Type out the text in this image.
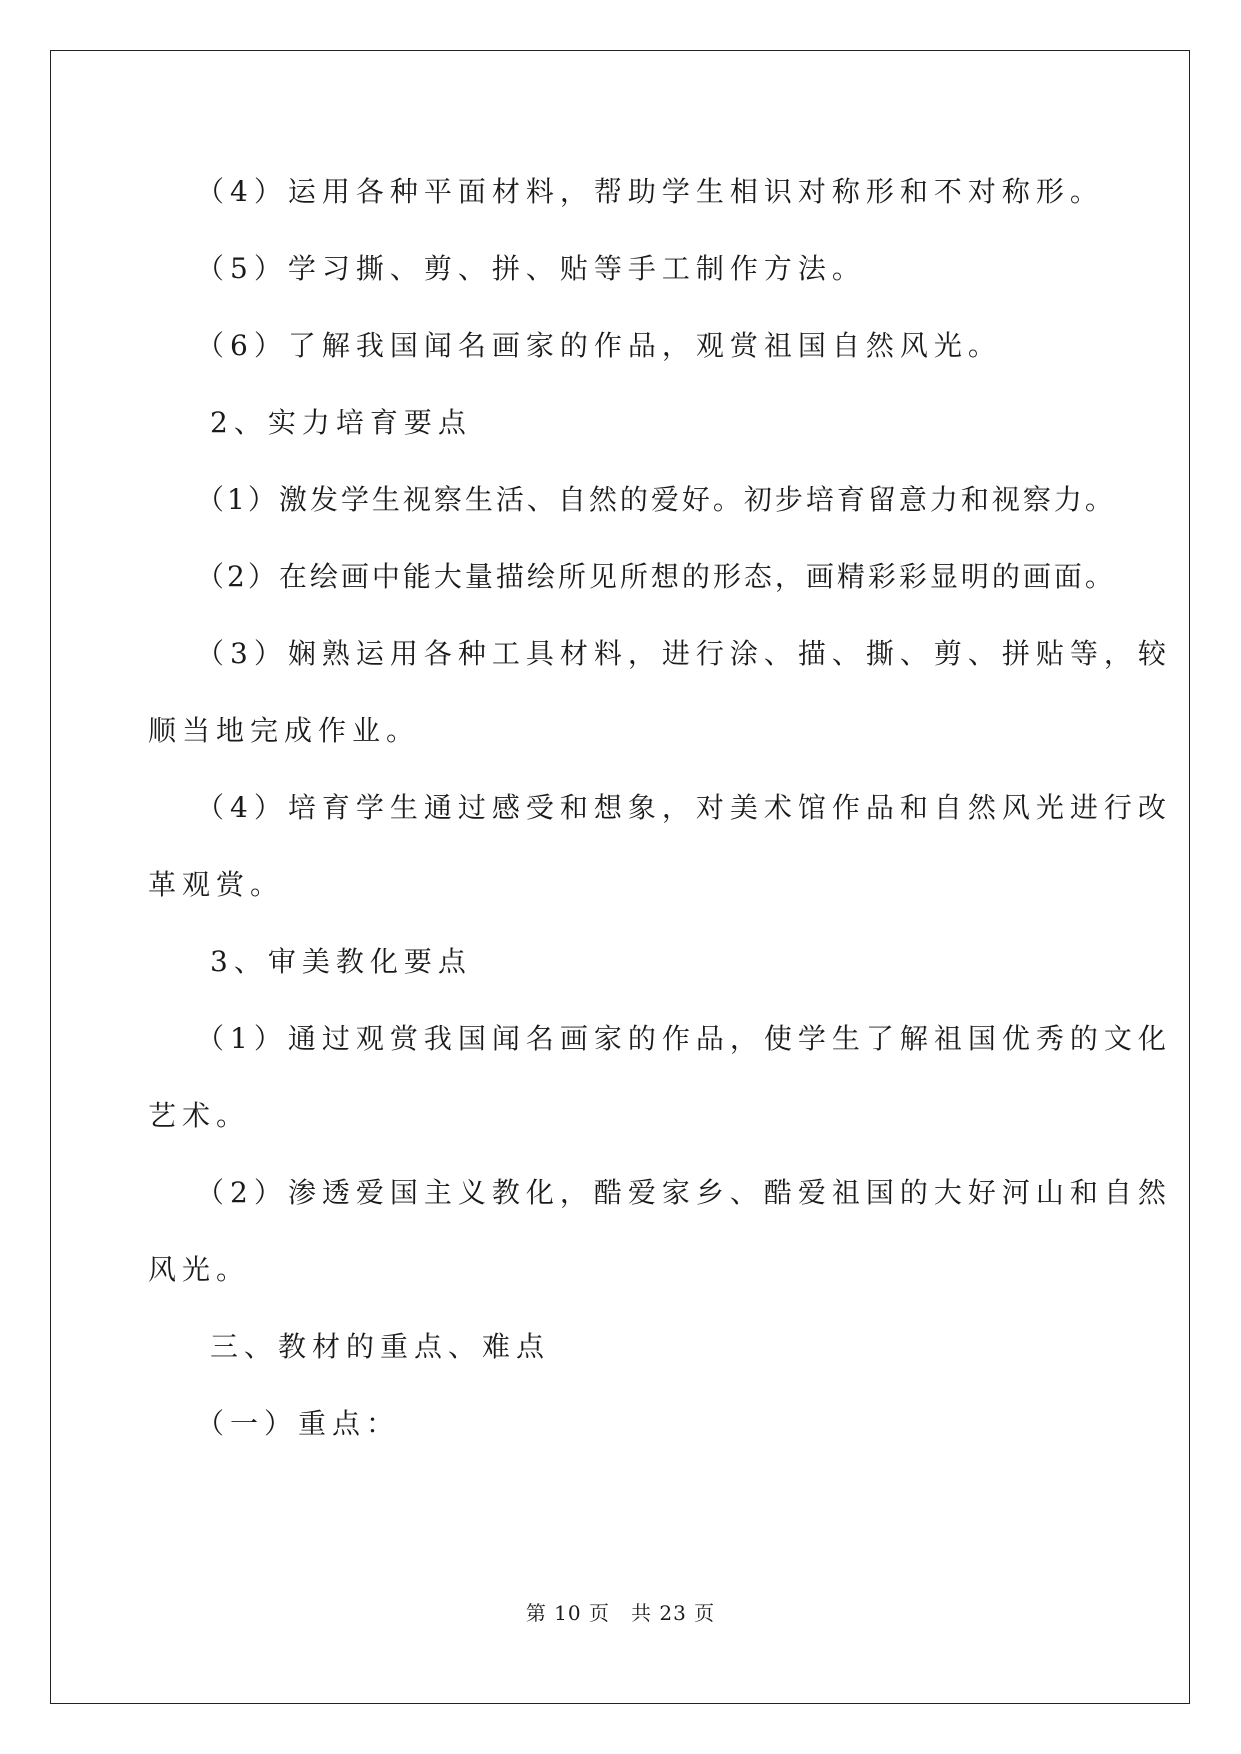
（4）运用各种平面材料，帮助学生相识对称形和不对称形。
（5）学习撕、剪、拼、贴等手工制作方法。
（6）了解我国闻名画家的作品，观赏祖国自然风光。
2、实力培育要点
（1）激发学生视察生活、自然的爱好。初步培育留意力和视察力。
（2）在绘画中能大量描绘所见所想的形态，画精彩彩显明的画面。
（3）娴熟运用各种工具材料，进行涂、描、撕、剪、拼贴等，较
顺当地完成作业。
（4）培育学生通过感受和想象，对美术馆作品和自然风光进行改
革观赏。
3、审美教化要点
（1）通过观赏我国闻名画家的作品，使学生了解祖国优秀的文化
艺术。
（2）渗透爱国主义教化，酷爱家乡、酷爱祖国的大好河山和自然
风光。
三、教材的重点、难点
（一）重点：
第 10 页　共 23 页
